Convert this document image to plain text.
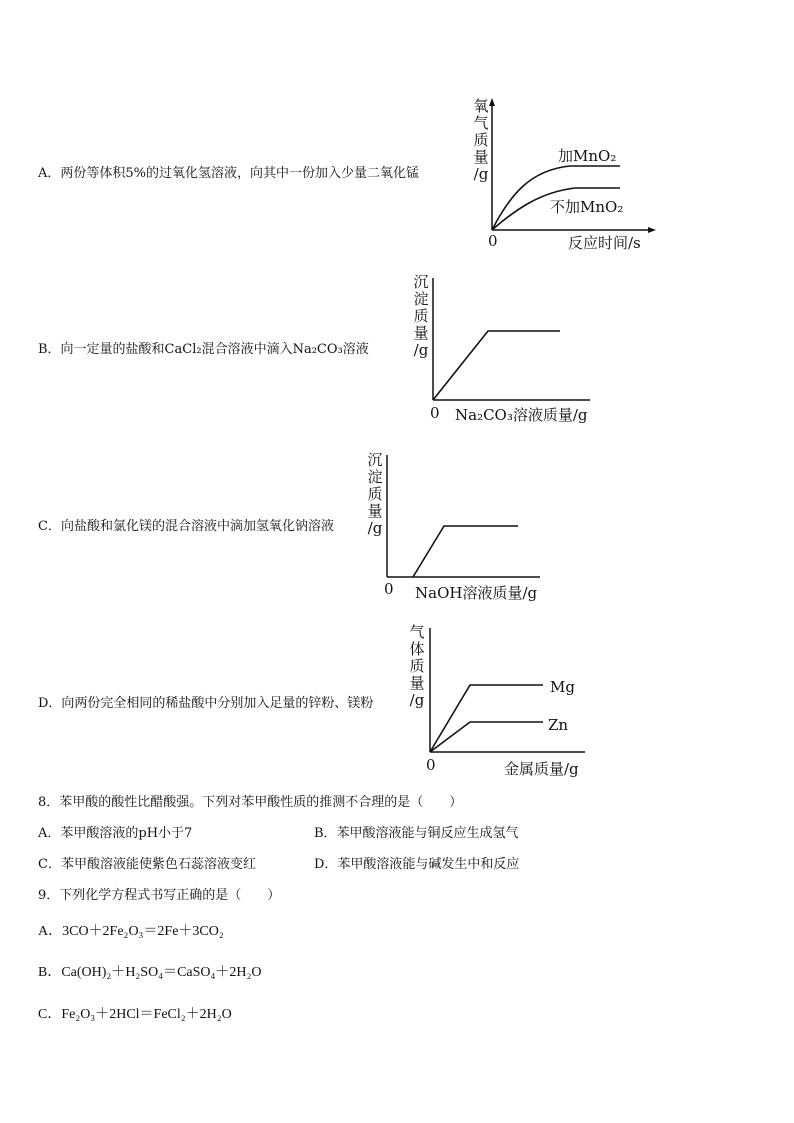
A．两份等体积5%的过氧化氢溶液，向其中一份加入少量二氧化锰
氧
气
质
量
/g
0	反应时间/s
加MnO₂
不加MnO₂
B．向一定量的盐酸和CaCl₂混合溶液中滴入Na₂CO₃溶液
沉
淀
质
量
/g
0 Na₂CO₃溶液质量/g
C．向盐酸和氯化镁的混合溶液中滴加氢氧化钠溶液
沉
淀
质
量
/g
0 NaOH溶液质量/g
D．向两份完全相同的稀盐酸中分别加入足量的锌粉、镁粉
气
体
质
量
/g
0	金属质量/g
Mg
Zn
8．苯甲酸的酸性比醋酸强。下列对苯甲酸性质的推测不合理的是（　　）
A．苯甲酸溶液的pH小于7	B．苯甲酸溶液能与铜反应生成氢气
C．苯甲酸溶液能使紫色石蕊溶液变红	D．苯甲酸溶液能与碱发生中和反应
9．下列化学方程式书写正确的是（　　）
A．3CO＋2Fe₂O₃＝2Fe＋3CO₂
B．Ca(OH)₂＋H₂SO₄＝CaSO₄＋2H₂O
C．Fe₂O₃＋2HCl＝FeCl₂＋2H₂O
